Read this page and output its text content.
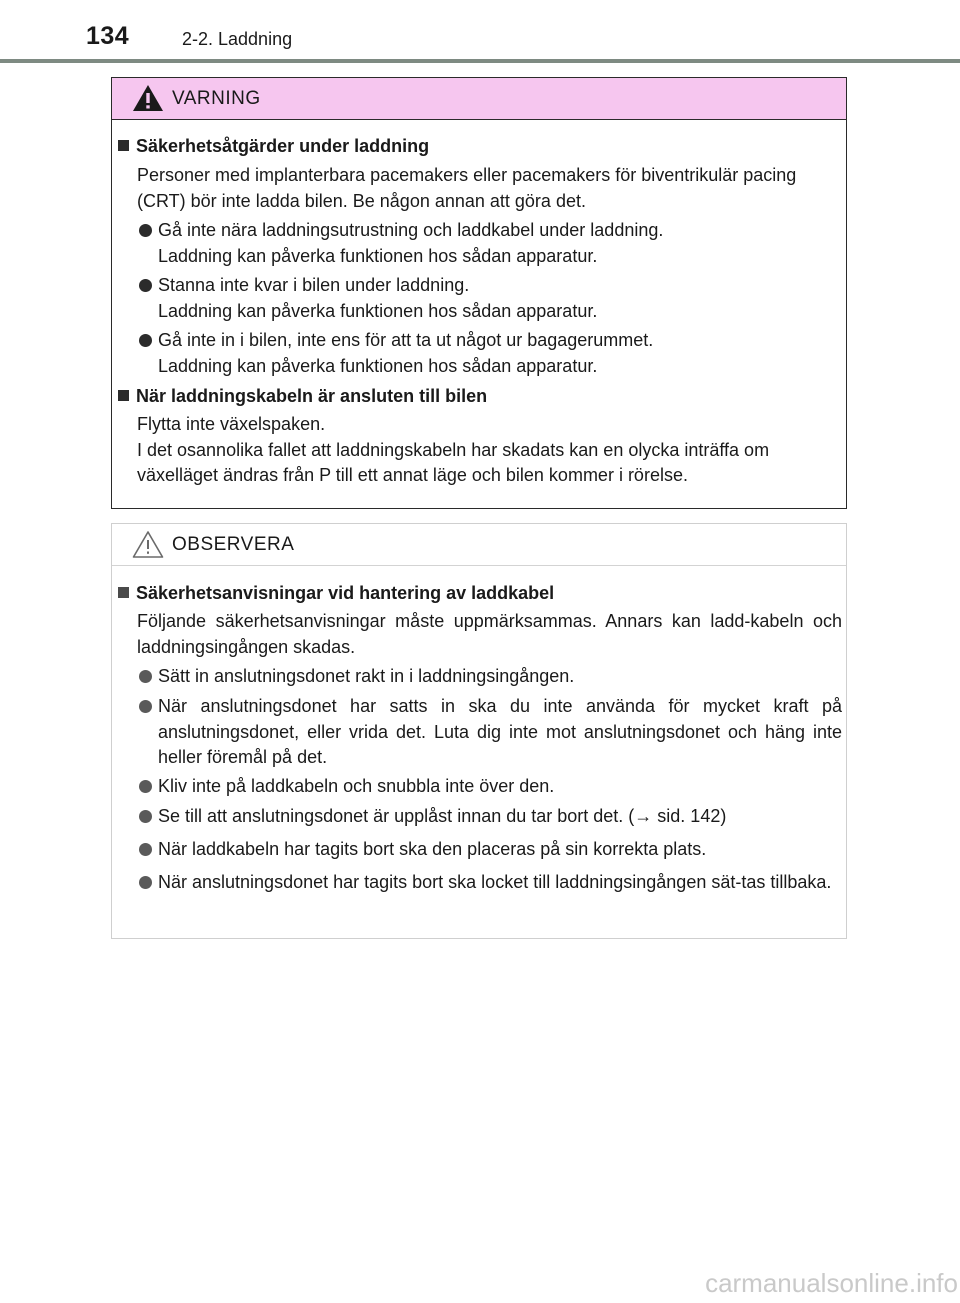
134	2-2. Laddning
VARNING
Säkerhetsåtgärder under laddning
Personer med implanterbara pacemakers eller pacemakers för biventrikulär pacing (CRT) bör inte ladda bilen. Be någon annan att göra det.
Gå inte nära laddningsutrustning och laddkabel under laddning.
Laddning kan påverka funktionen hos sådan apparatur.
Stanna inte kvar i bilen under laddning.
Laddning kan påverka funktionen hos sådan apparatur.
Gå inte in i bilen, inte ens för att ta ut något ur bagagerummet.
Laddning kan påverka funktionen hos sådan apparatur.
När laddningskabeln är ansluten till bilen
Flytta inte växelspaken.
I det osannolika fallet att laddningskabeln har skadats kan en olycka inträffa om växelläget ändras från P till ett annat läge och bilen kommer i rörelse.
OBSERVERA
Säkerhetsanvisningar vid hantering av laddkabel
Följande säkerhetsanvisningar måste uppmärksammas. Annars kan ladd-kabeln och laddningsingången skadas.
Sätt in anslutningsdonet rakt in i laddningsingången.
När anslutningsdonet har satts in ska du inte använda för mycket kraft på anslutningsdonet, eller vrida det. Luta dig inte mot anslutningsdonet och häng inte heller föremål på det.
Kliv inte på laddkabeln och snubbla inte över den.
Se till att anslutningsdonet är upplåst innan du tar bort det. (→ sid. 142)
När laddkabeln har tagits bort ska den placeras på sin korrekta plats.
När anslutningsdonet har tagits bort ska locket till laddningsingången sät-tas tillbaka.
carmanualsonline.info
